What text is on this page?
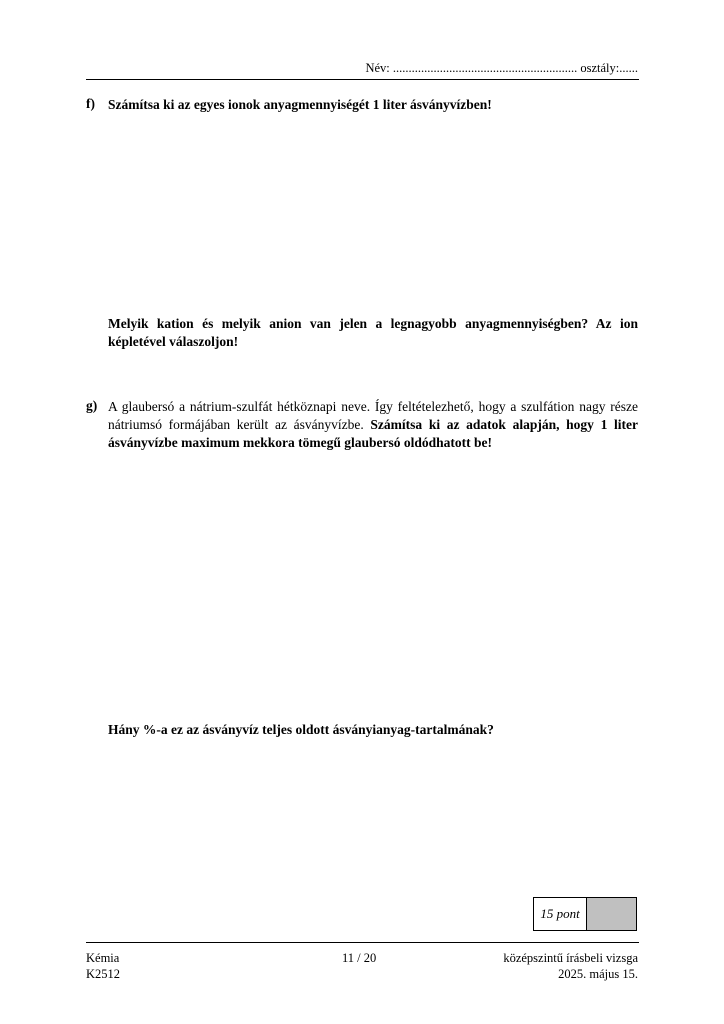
Név: ........................................................... osztály:......
f) Számítsa ki az egyes ionok anyagmennyiségét 1 liter ásványvízben!
Melyik kation és melyik anion van jelen a legnagyobb anyagmennyiségben? Az ion képletével válaszoljon!
g) A glaubersó a nátrium-szulfát hétköznapi neve. Így feltételezhető, hogy a szulfátion nagy része nátriumsó formájában került az ásványvízbe. Számítsa ki az adatok alapján, hogy 1 liter ásványvízbe maximum mekkora tömegű glaubersó oldódhatott be!
Hány %-a ez az ásványvíz teljes oldott ásványianyag-tartalmának?
15 pont
Kémia
K2512
11 / 20	középszintű írásbeli vizsga
2025. május 15.
